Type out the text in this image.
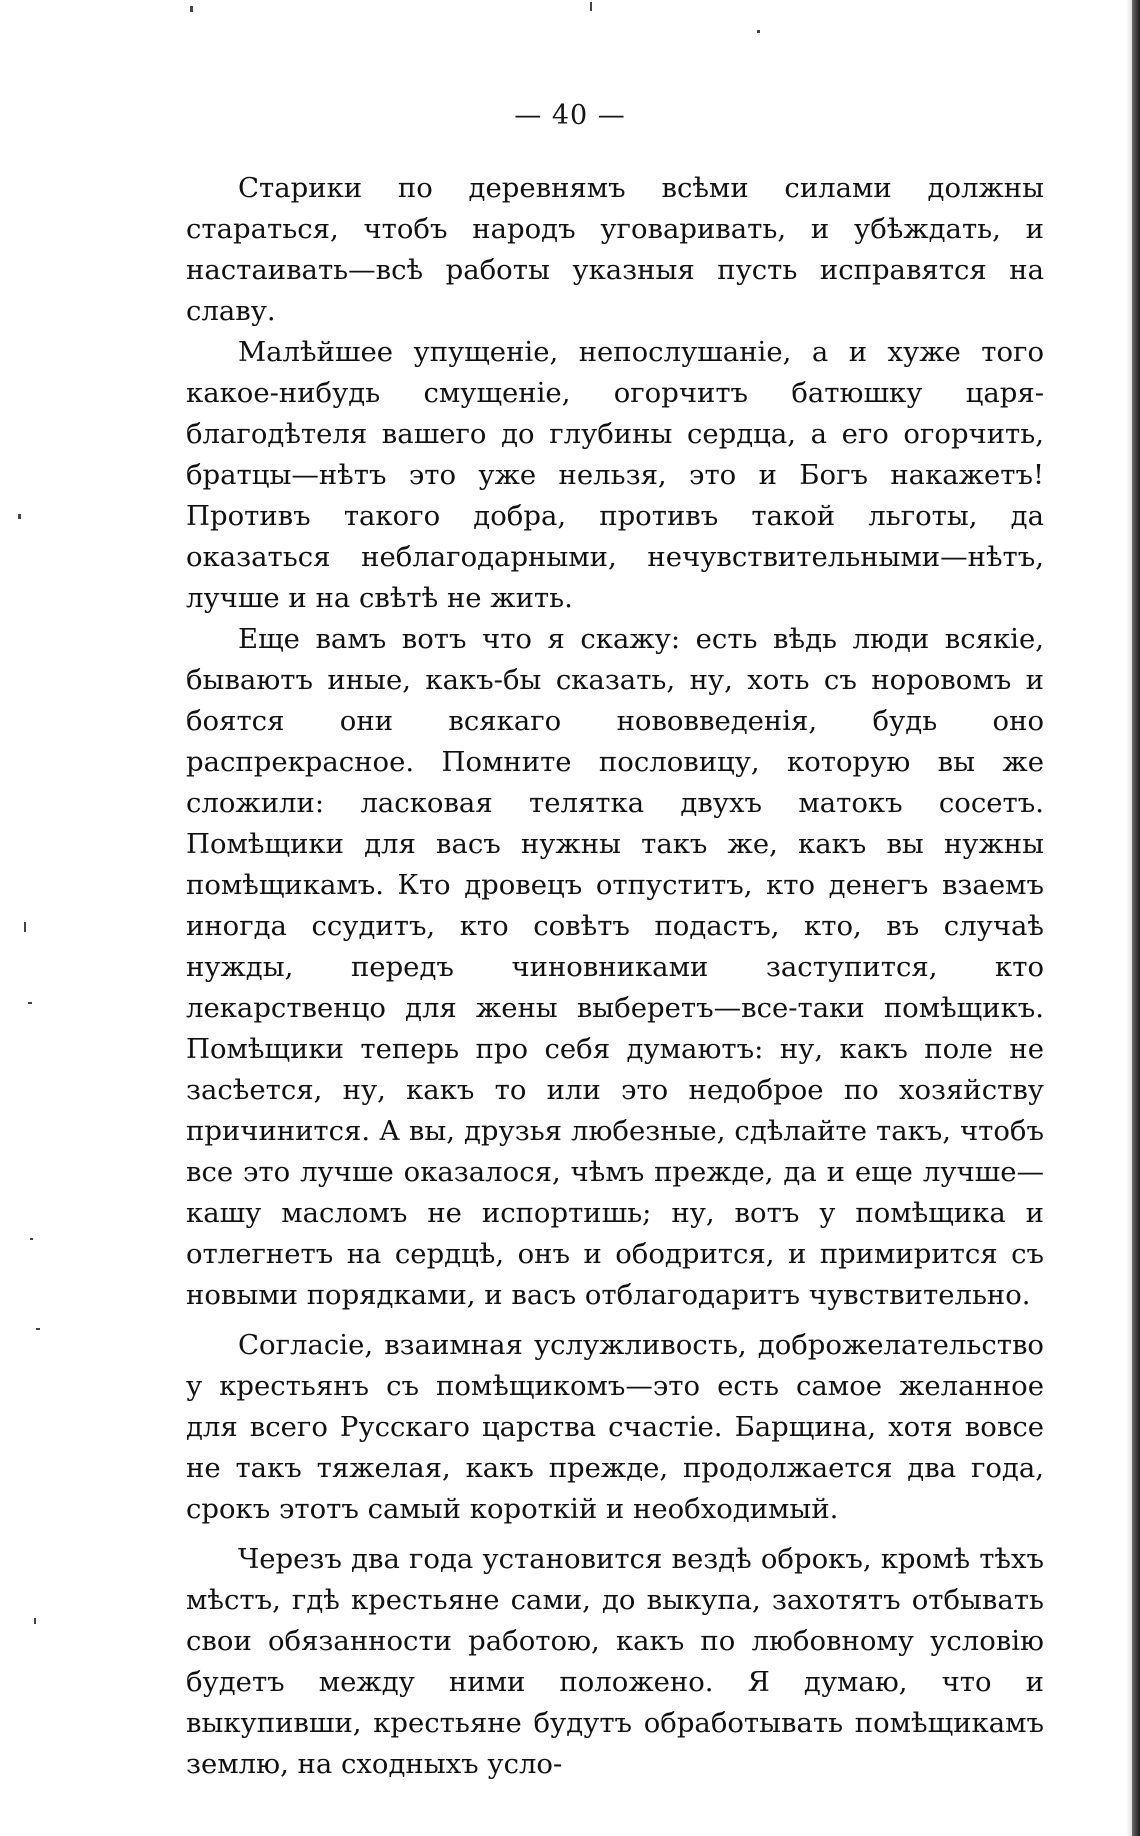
— 40 —

Старики по деревнямъ всѣми силами должны стараться, чтобъ народъ уговаривать, и убѣждать, и настаивать—всѣ работы указныя пусть исправятся на славу.

Малѣйшее упущеніе, непослушаніе, а и хуже того какое-нибудь смущеніе, огорчитъ батюшку царя-благодѣтеля вашего до глубины сердца, а его огорчить, братцы—нѣтъ это уже нельзя, это и Богъ накажетъ! Противъ такого добра, противъ такой льготы, да оказаться неблагодарными, нечувствительными—нѣтъ, лучше и на свѣтѣ не жить.

Еще вамъ вотъ что я скажу: есть вѣдь люди всякіе, бываютъ иные, какъ-бы сказать, ну, хоть съ норовомъ и боятся они всякаго нововведенія, будь оно распрекрасное. Помните пословицу, которую вы же сложили: ласковая телятка двухъ матокъ сосетъ. Помѣщики для васъ нужны такъ же, какъ вы нужны помѣщикамъ. Кто дровецъ отпуститъ, кто денегъ взаемъ иногда ссудитъ, кто совѣтъ подастъ, кто, въ случаѣ нужды, передъ чиновниками заступится, кто лекарственцо для жены выберетъ—все-таки помѣщикъ. Помѣщики теперь про себя думаютъ: ну, какъ поле не засѣется, ну, какъ то или это недоброе по хозяйству причинится. А вы, друзья любезные, сдѣлайте такъ, чтобъ все это лучше оказалося, чѣмъ прежде, да и еще лучше—кашу масломъ не испортишь; ну, вотъ у помѣщика и отлегнетъ на сердцѣ, онъ и ободрится, и примирится съ новыми порядками, и васъ отблагодаритъ чувствительно.

Согласіе, взаимная услужливость, доброжелательство у крестьянъ съ помѣщикомъ—это есть самое желанное для всего Русскаго царства счастіе. Барщина, хотя вовсе не такъ тяжелая, какъ прежде, продолжается два года, срокъ этотъ самый короткій и необходимый.

Черезъ два года установится вездѣ оброкъ, кромѣ тѣхъ мѣстъ, гдѣ крестьяне сами, до выкупа, захотятъ отбывать свои обязанности работою, какъ по любовному условію будетъ между ними положено. Я думаю, что и выкупивши, крестьяне будутъ обработывать помѣщикамъ землю, на сходныхъ усло-
